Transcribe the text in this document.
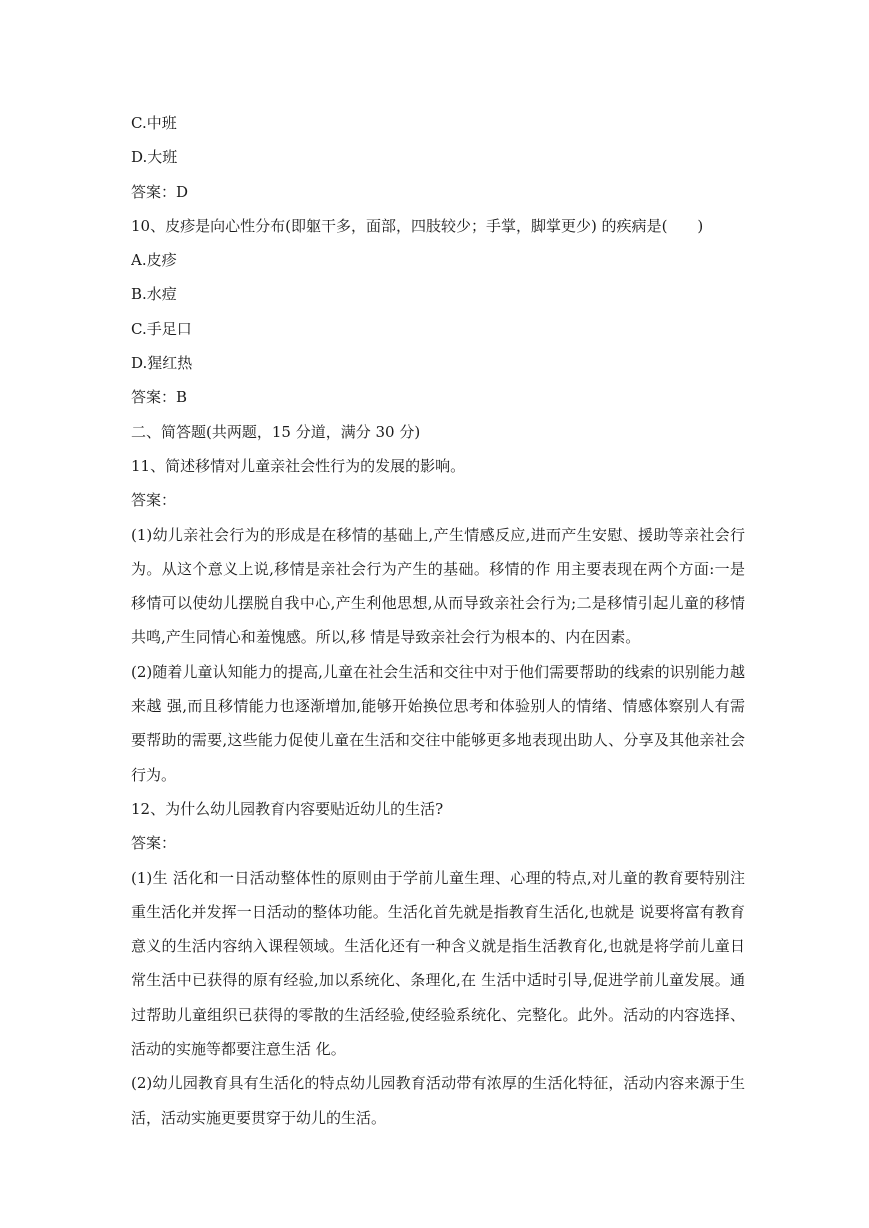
C.中班
D.大班
答案：D
10、皮疹是向心性分布(即躯干多，面部，四肢较少；手掌，脚掌更少) 的疾病是(　　)
A.皮疹
B.水痘
C.手足口
D.猩红热
答案：B
二、简答题(共两题，15 分道，满分 30 分)
11、简述移情对儿童亲社会性行为的发展的影响。
答案：

(1)幼儿亲社会行为的形成是在移情的基础上,产生情感反应,进而产生安慰、援助等亲社会行为。从这个意义上说,移情是亲社会行为产生的基础。移情的作 用主要表现在两个方面:一是移情可以使幼儿摆脱自我中心,产生利他思想,从而导致亲社会行为;二是移情引起儿童的移情共鸣,产生同情心和羞愧感。所以,移 情是导致亲社会行为根本的、内在因素。

(2)随着儿童认知能力的提高,儿童在社会生活和交往中对于他们需要帮助的线索的识别能力越来越 强,而且移情能力也逐渐增加,能够开始换位思考和体验别人的情绪、情感体察别人有需要帮助的需要,这些能力促使儿童在生活和交往中能够更多地表现出助人、分享及其他亲社会行为。

12、为什么幼儿园教育内容要贴近幼儿的生活?
答案：

(1)生 活化和一日活动整体性的原则由于学前儿童生理、心理的特点,对儿童的教育要特别注重生活化并发挥一日活动的整体功能。生活化首先就是指教育生活化,也就是 说要将富有教育意义的生活内容纳入课程领域。生活化还有一种含义就是指生活教育化,也就是将学前儿童日常生活中已获得的原有经验,加以系统化、条理化,在 生活中适时引导,促进学前儿童发展。通过帮助儿童组织已获得的零散的生活经验,使经验系统化、完整化。此外。活动的内容选择、活动的实施等都要注意生活 化。

(2)幼儿园教育具有生活化的特点幼儿园教育活动带有浓厚的生活化特征，活动内容来源于生活，活动实施更要贯穿于幼儿的生活。
